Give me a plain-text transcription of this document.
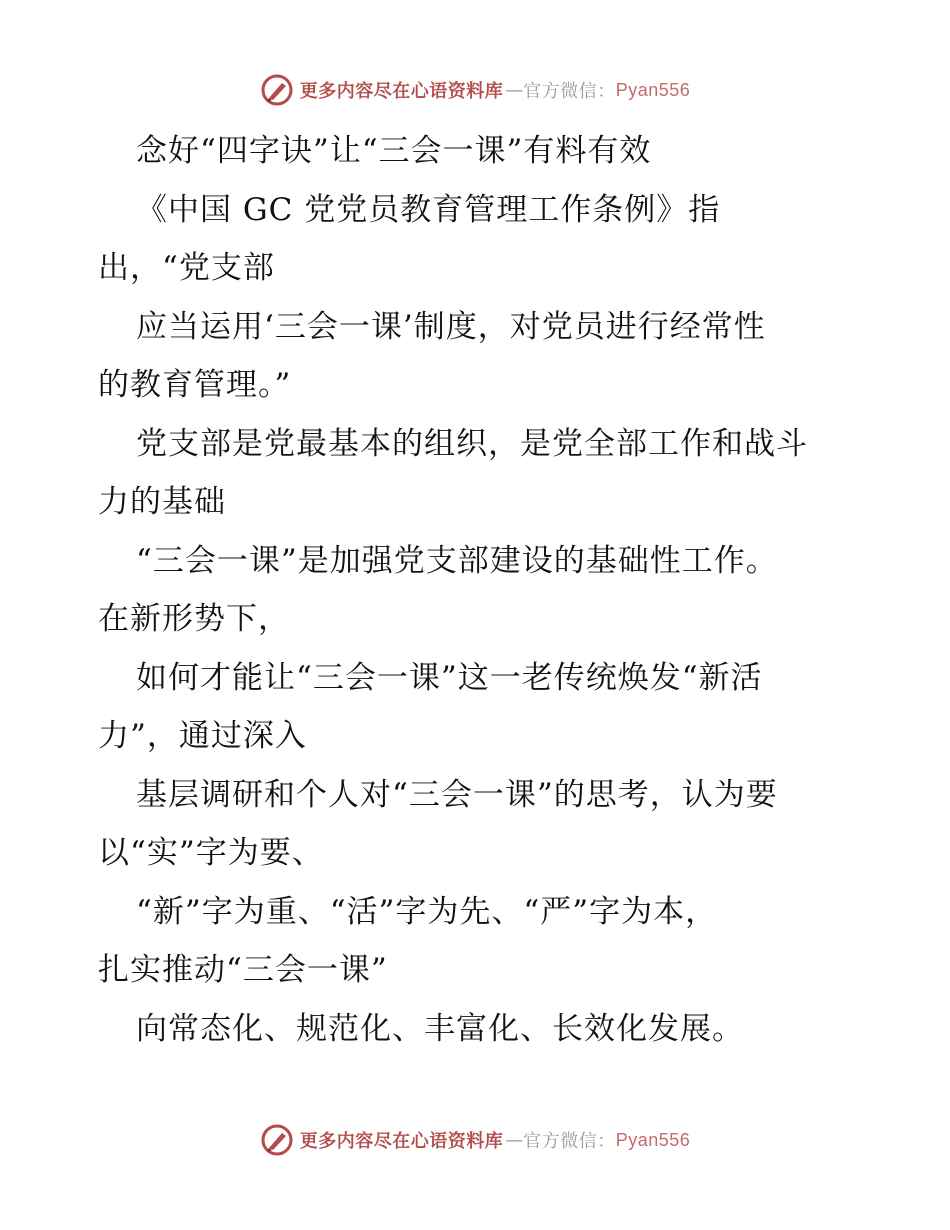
更多内容尽在心语资料库 — 官方微信： Pyan556
念好“四字诀”让“三会一课”有料有效
《中国 GC 党党员教育管理工作条例》指
出，“党支部
应当运用‘三会一课’制度，对党员进行经常性
的教育管理。”
党支部是党最基本的组织，是党全部工作和战斗
力的基础
“三会一课”是加强党支部建设的基础性工作。
在新形势下，
如何才能让“三会一课”这一老传统焕发“新活
力”，通过深入
基层调研和个人对“三会一课”的思考，认为要
以“实”字为要、
“新”字为重、“活”字为先、“严”字为本，
扎实推动“三会一课”
向常态化、规范化、丰富化、长效化发展。
更多内容尽在心语资料库 — 官方微信： Pyan556
